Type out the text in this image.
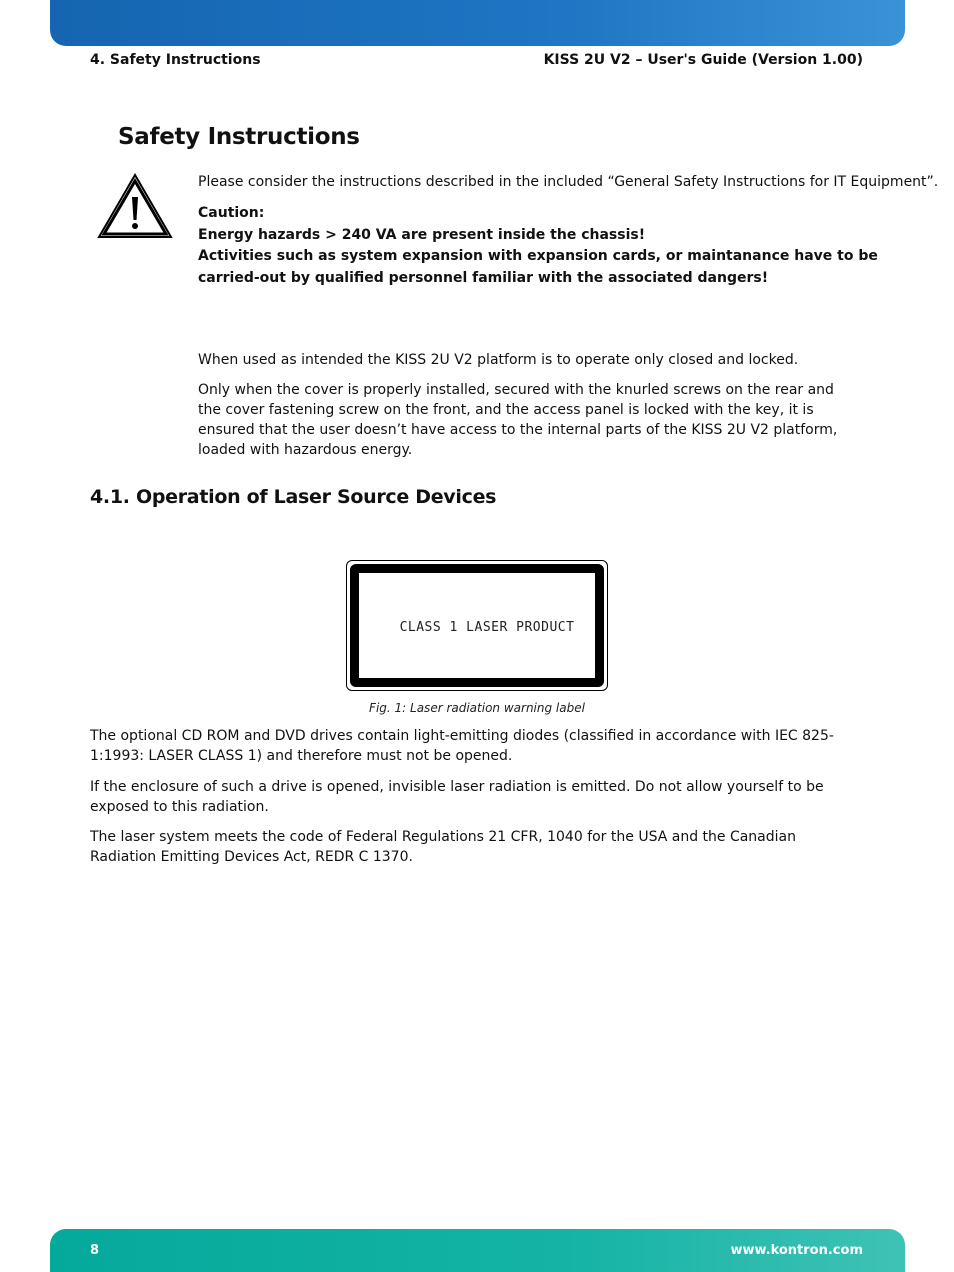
4. Safety Instructions	KISS 2U V2 – User's Guide (Version 1.00)
Safety Instructions

Please consider the instructions described in the included “General Safety Instructions for IT Equipment”.

Caution:
Energy hazards > 240 VA are present inside the chassis!
Activities such as system expansion with expansion cards, or maintanance have to be carried-out by qualified personnel familiar with the associated dangers!

When used as intended the KISS 2U V2 platform is to operate only closed and locked.

Only when the cover is properly installed, secured with the knurled screws on the rear and the cover fastening screw on the front, and the access panel is locked with the key, it is ensured that the user doesn’t have access to the internal parts of the KISS 2U V2 platform, loaded with hazardous energy.

4.1. Operation of Laser Source Devices
CLASS 1 LASER PRODUCT
Fig. 1: Laser radiation warning label

The optional CD ROM and DVD drives contain light-emitting diodes (classified in accordance with IEC 825-1:1993: LASER CLASS 1) and therefore must not be opened.

If the enclosure of such a drive is opened, invisible laser radiation is emitted. Do not allow yourself to be exposed to this radiation.

The laser system meets the code of Federal Regulations 21 CFR, 1040 for the USA and the Canadian Radiation Emitting Devices Act, REDR C 1370.

8	www.kontron.com
